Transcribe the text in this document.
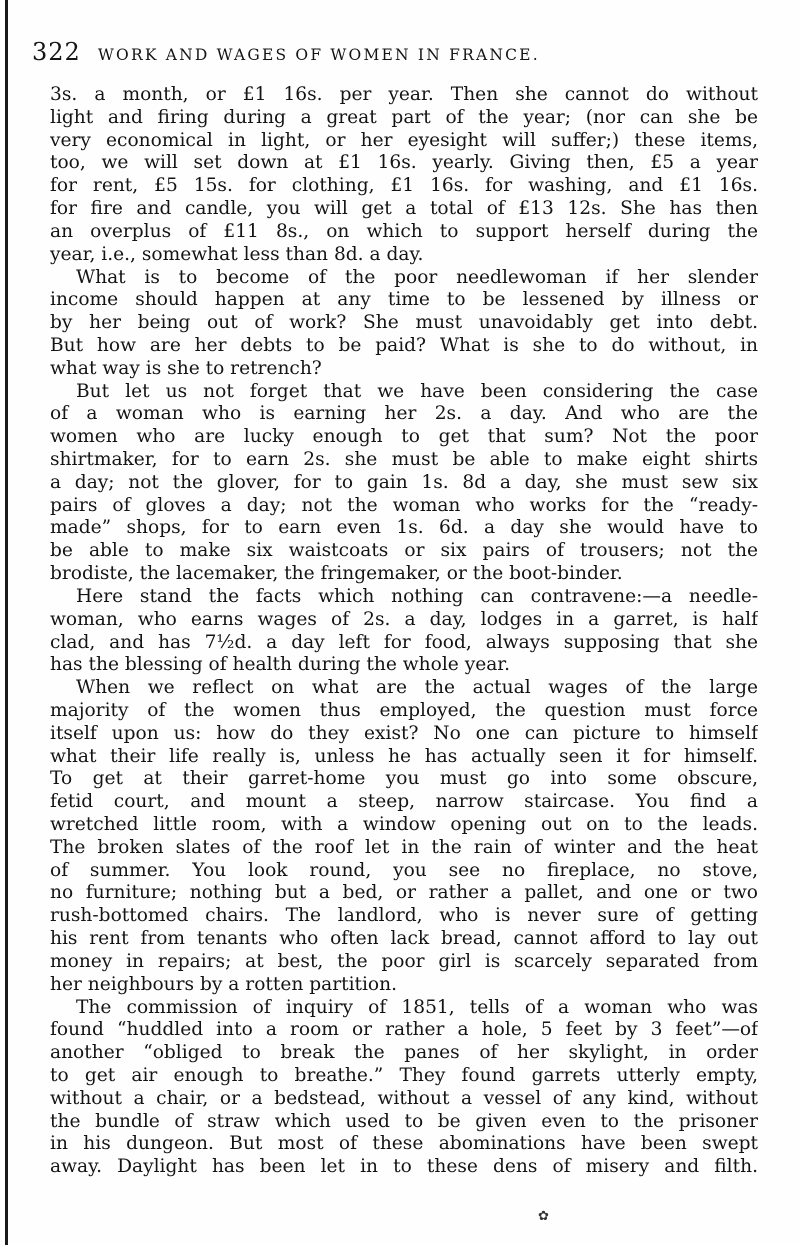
322 WORK AND WAGES OF WOMEN IN FRANCE.
3s. a month, or £1 16s. per year. Then she cannot do without
light and firing during a great part of the year; (nor can she be
very economical in light, or her eyesight will suffer;) these items,
too, we will set down at £1 16s. yearly. Giving then, £5 a year
for rent, £5 15s. for clothing, £1 16s. for washing, and £1 16s.
for fire and candle, you will get a total of £13 12s. She has then
an overplus of £11 8s., on which to support herself during the
year, i.e., somewhat less than 8d. a day.
What is to become of the poor needlewoman if her slender
income should happen at any time to be lessened by illness or
by her being out of work? She must unavoidably get into debt.
But how are her debts to be paid? What is she to do without, in
what way is she to retrench?
But let us not forget that we have been considering the case
of a woman who is earning her 2s. a day. And who are the
women who are lucky enough to get that sum? Not the poor
shirtmaker, for to earn 2s. she must be able to make eight shirts
a day; not the glover, for to gain 1s. 8d a day, she must sew six
pairs of gloves a day; not the woman who works for the “ready-
made” shops, for to earn even 1s. 6d. a day she would have to
be able to make six waistcoats or six pairs of trousers; not the
brodiste, the lacemaker, the fringemaker, or the boot-binder.
Here stand the facts which nothing can contravene:—a needle-
woman, who earns wages of 2s. a day, lodges in a garret, is half
clad, and has 7½d. a day left for food, always supposing that she
has the blessing of health during the whole year.
When we reflect on what are the actual wages of the large
majority of the women thus employed, the question must force
itself upon us: how do they exist? No one can picture to himself
what their life really is, unless he has actually seen it for himself.
To get at their garret-home you must go into some obscure,
fetid court, and mount a steep, narrow staircase. You find a
wretched little room, with a window opening out on to the leads.
The broken slates of the roof let in the rain of winter and the heat
of summer. You look round, you see no fireplace, no stove,
no furniture; nothing but a bed, or rather a pallet, and one or two
rush-bottomed chairs. The landlord, who is never sure of getting
his rent from tenants who often lack bread, cannot afford to lay out
money in repairs; at best, the poor girl is scarcely separated from
her neighbours by a rotten partition.
The commission of inquiry of 1851, tells of a woman who was
found “huddled into a room or rather a hole, 5 feet by 3 feet”—of
another “obliged to break the panes of her skylight, in order
to get air enough to breathe.” They found garrets utterly empty,
without a chair, or a bedstead, without a vessel of any kind, without
the bundle of straw which used to be given even to the prisoner
in his dungeon. But most of these abominations have been swept
away. Daylight has been let in to these dens of misery and filth.
✿
